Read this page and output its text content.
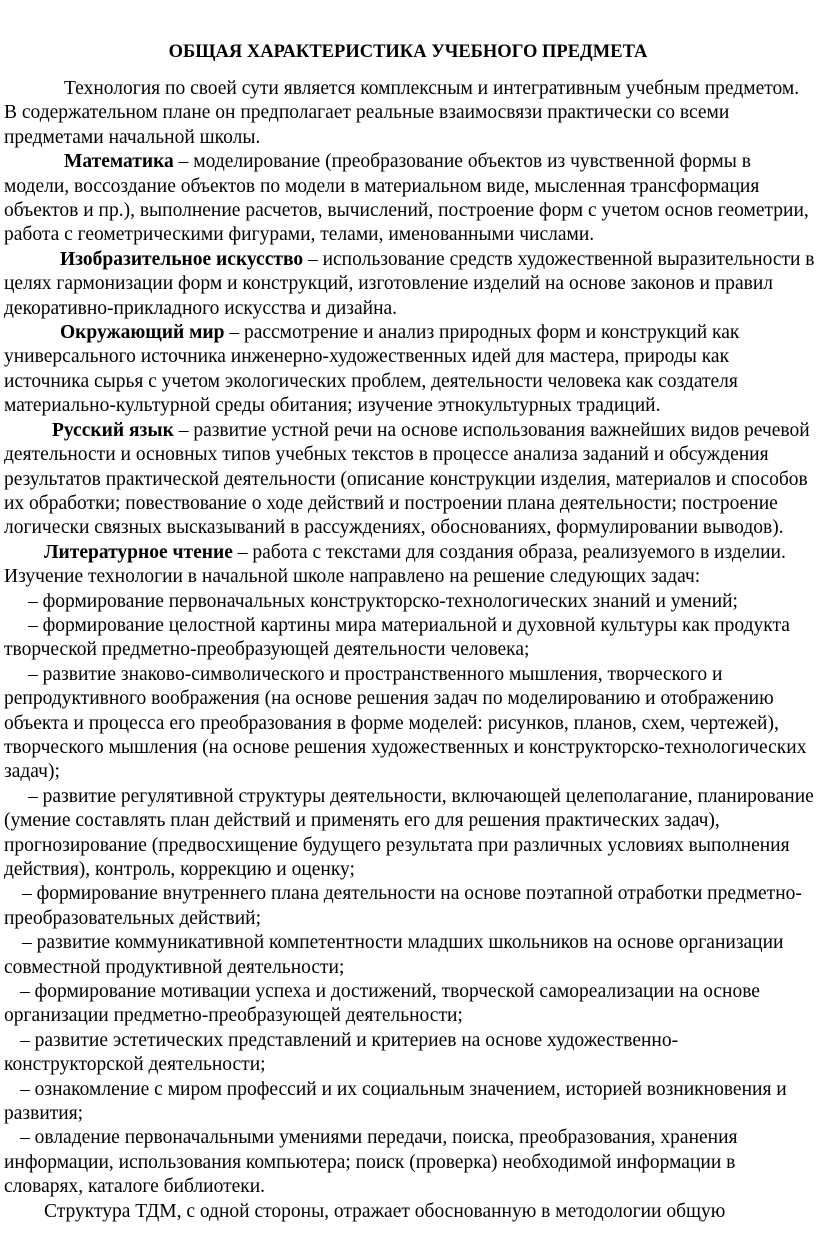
ОБЩАЯ ХАРАКТЕРИСТИКА УЧЕБНОГО ПРЕДМЕТА

Технология по своей сути является комплексным и интегративным учебным предметом. В содержательном плане он предполагает реальные взаимосвязи практически со всеми предметами начальной школы.

Математика – моделирование (преобразование объектов из чувственной формы в модели, воссоздание объектов по модели в материальном виде, мысленная трансформация объектов и пр.), выполнение расчетов, вычислений, построение форм с учетом основ геометрии, работа с геометрическими фигурами, телами, именованными числами.

Изобразительное искусство – использование средств художественной выразительности в целях гармонизации форм и конструкций, изготовление изделий на основе законов и правил декоративно-прикладного искусства и дизайна.

Окружающий мир – рассмотрение и анализ природных форм и конструкций как универсального источника инженерно-художественных идей для мастера, природы как источника сырья с учетом экологических проблем, деятельности человека как создателя материально-культурной среды обитания; изучение этнокультурных традиций.

Русский язык – развитие устной речи на основе использования важнейших видов речевой деятельности и основных типов учебных текстов в процессе анализа заданий и обсуждения результатов практической деятельности (описание конструкции изделия, материалов и способов их обработки; повествование о ходе действий и построении плана деятельности; построение логически связных высказываний в рассуждениях, обоснованиях, формулировании выводов).

Литературное чтение – работа с текстами для создания образа, реализуемого в изделии. Изучение технологии в начальной школе направлено на решение следующих задач:

– формирование первоначальных конструкторско-технологических знаний и умений;

– формирование целостной картины мира материальной и духовной культуры как продукта творческой предметно-преобразующей деятельности человека;

– развитие знаково-символического и пространственного мышления, творческого и репродуктивного воображения (на основе решения задач по моделированию и отображению объекта и процесса его преобразования в форме моделей: рисунков, планов, схем, чертежей), творческого мышления (на основе решения художественных и конструкторско-технологических задач);

– развитие регулятивной структуры деятельности, включающей целеполагание, планирование (умение составлять план действий и применять его для решения практических задач), прогнозирование (предвосхищение будущего результата при различных условиях выполнения действия), контроль, коррекцию и оценку;

– формирование внутреннего плана деятельности на основе поэтапной отработки предметно-преобразовательных действий;

– развитие коммуникативной компетентности младших школьников на основе организации совместной продуктивной деятельности;

– формирование мотивации успеха и достижений, творческой самореализации на основе организации предметно-преобразующей деятельности;

– развитие эстетических представлений и критериев на основе художественно-конструкторской деятельности;

– ознакомление с миром профессий и их социальным значением, историей возникновения и развития;

– овладение первоначальными умениями передачи, поиска, преобразования, хранения информации, использования компьютера; поиск (проверка) необходимой информации в словарях, каталоге библиотеки.

Структура ТДМ, с одной стороны, отражает обоснованную в методологии общую
